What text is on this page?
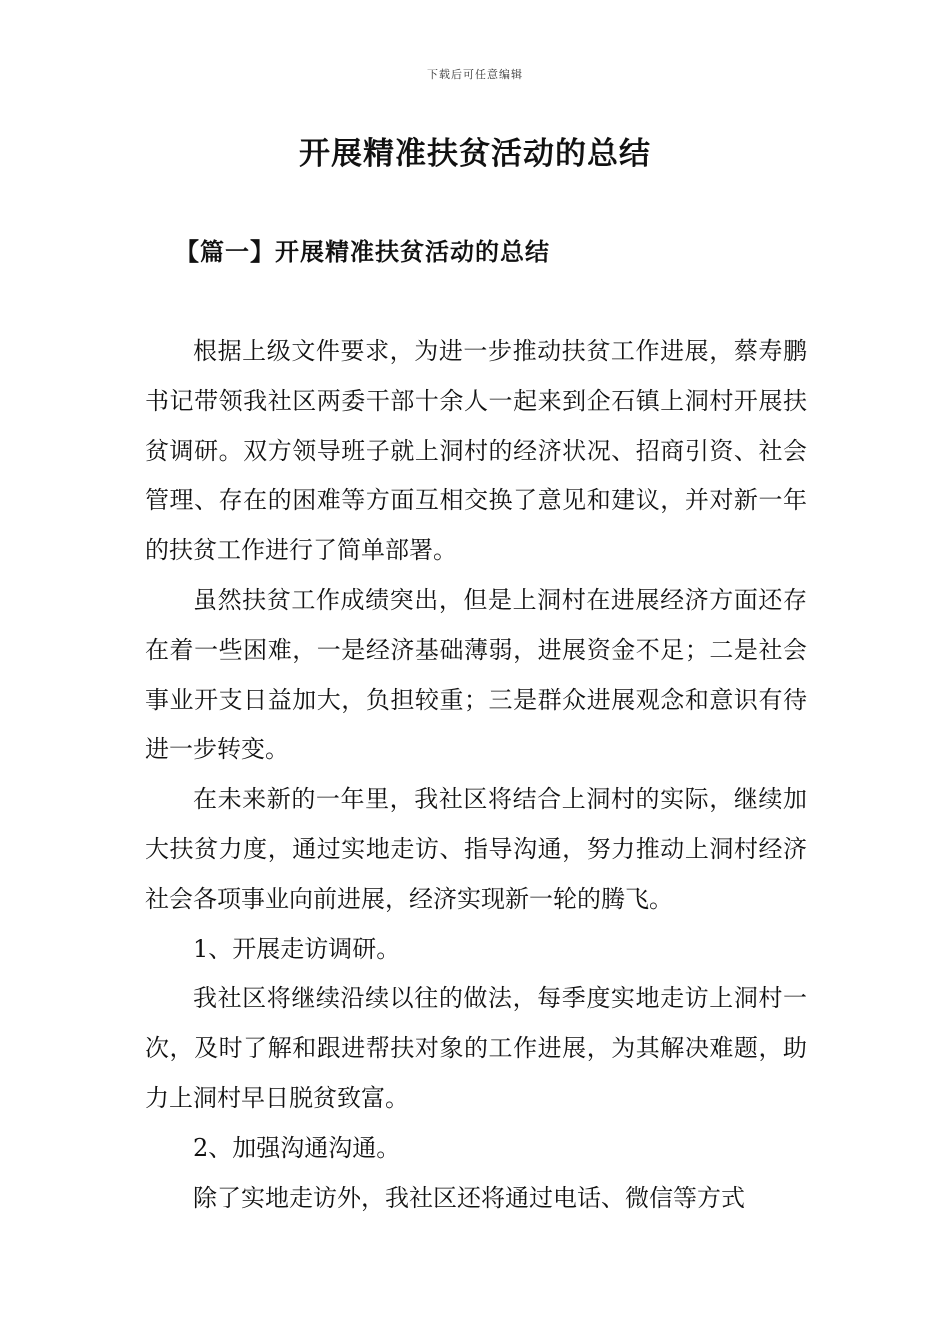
下载后可任意编辑
开展精准扶贫活动的总结
【篇一】开展精准扶贫活动的总结

根据上级文件要求，为进一步推动扶贫工作进展，蔡寿鹏书记带领我社区两委干部十余人一起来到企石镇上洞村开展扶贫调研。双方领导班子就上洞村的经济状况、招商引资、社会管理、存在的困难等方面互相交换了意见和建议，并对新一年的扶贫工作进行了简单部署。

虽然扶贫工作成绩突出，但是上洞村在进展经济方面还存在着一些困难，一是经济基础薄弱，进展资金不足；二是社会事业开支日益加大，负担较重；三是群众进展观念和意识有待进一步转变。

在未来新的一年里，我社区将结合上洞村的实际，继续加大扶贫力度，通过实地走访、指导沟通，努力推动上洞村经济社会各项事业向前进展，经济实现新一轮的腾飞。

1、开展走访调研。

我社区将继续沿续以往的做法，每季度实地走访上洞村一次，及时了解和跟进帮扶对象的工作进展，为其解决难题，助力上洞村早日脱贫致富。

2、加强沟通沟通。

除了实地走访外，我社区还将通过电话、微信等方式
